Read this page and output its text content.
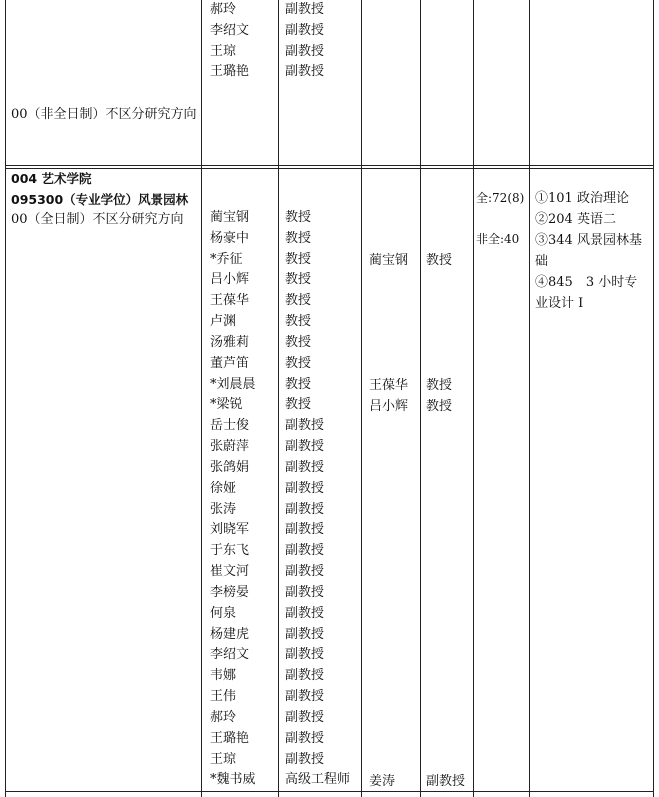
郝玲
李绍文
王琼
王璐艳
副教授
副教授
副教授
副教授
00（非全日制）不区分研究方向
004 艺术学院
095300（专业学位）风景园林
00（全日制）不区分研究方向 蔺宝钢
杨豪中
*乔征
吕小辉
王葆华
卢渊
汤雅莉
董芦笛
*刘晨晨
*梁锐
岳士俊
张蔚萍
张鸽娟
徐娅
张涛
刘晓军
于东飞
崔文河
李榜晏
何泉
杨建虎
李绍文
韦娜
王伟
郝玲
王璐艳
王琼
*魏书威
教授
教授
教授
教授
教授
教授
教授
教授
教授
教授
副教授
副教授
副教授
副教授
副教授
副教授
副教授
副教授
副教授
副教授
副教授
副教授
副教授
副教授
副教授
副教授
副教授
高级工程师
蔺宝钢 教授
王葆华 教授
吕小辉 教授
姜涛 副教授
全:72(8)
非全:40
①101 政治理论
②204 英语二
③344 风景园林基础
④845　3 小时专业设计 I
